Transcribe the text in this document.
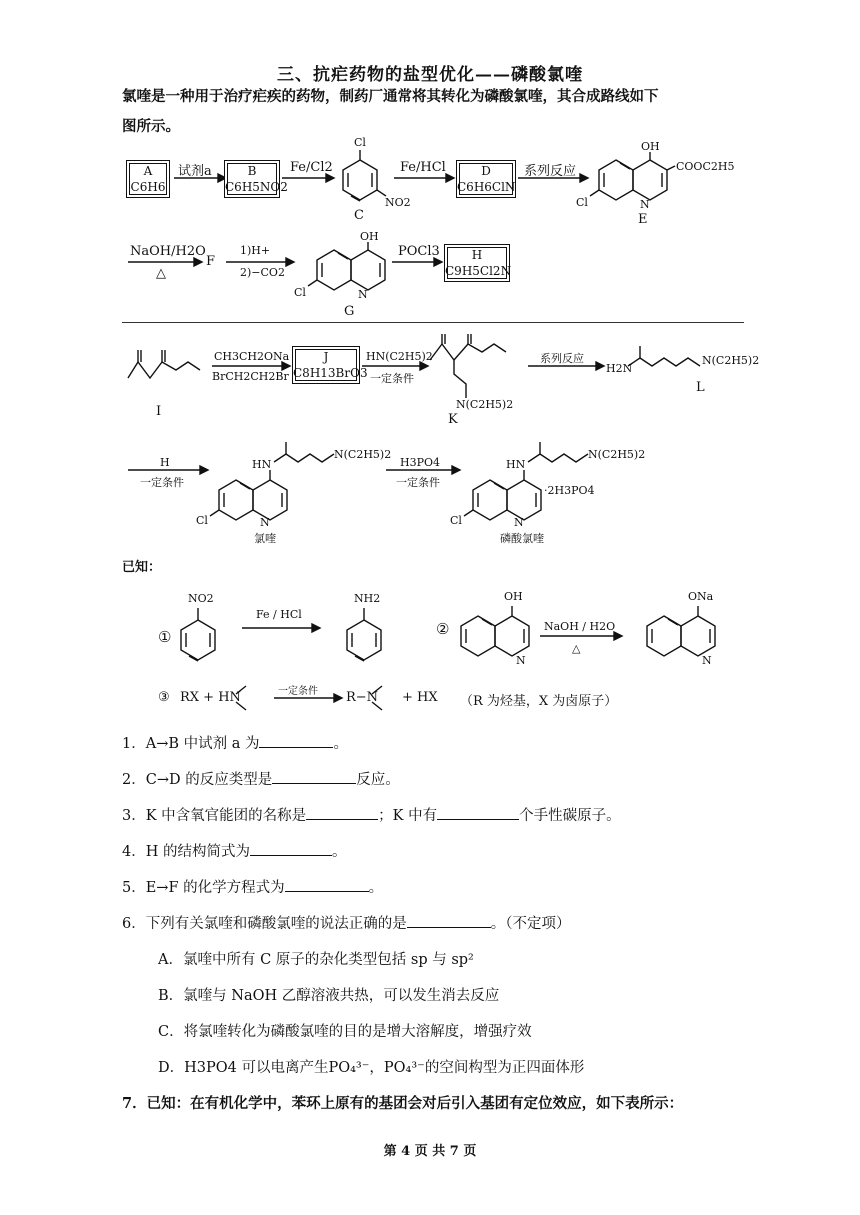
三、抗疟药物的盐型优化——磷酸氯喹
氯喹是一种用于治疗疟疾的药物，制药厂通常将其转化为磷酸氯喹，其合成路线如下
图所示。
A
C6H6
试剂a	B
C6H5NO2
Fe/Cl2
Cl
NO2
C
Fe/HCl	D
C6H6ClN
系列反应
OH
COOC2H5
Cl	N
E
NaOH/H2O
△
F
1)H+
2)−CO2
OH
Cl	N
G
POCl3	H
C9H5Cl2N
I
CH3CH2ONa
BrCH2CH2Br
J
C8H13BrO3
HN(C2H5)2
一定条件
N(C2H5)2
K
系列反应
H2N
N(C2H5)2
L
H
一定条件
HN
N(C2H5)2
Cl	N
氯喹
H3PO4
一定条件
HN
N(C2H5)2
·2H3PO4
Cl	N
磷酸氯喹
已知：
①
NO2
Fe / HCl
NH2
②
OH
N
NaOH / H2O
△
ONa
N
③ RX + HN	一定条件 R−N + HX （R 为烃基，X 为卤原子）
1．A→B 中试剂 a 为	。
2．C→D 的反应类型是	反应。
3．K 中含氧官能团的名称是	；K 中有	个手性碳原子。
4．H 的结构简式为	。
5．E→F 的化学方程式为	。
6．下列有关氯喹和磷酸氯喹的说法正确的是	。（不定项）
A．氯喹中所有 C 原子的杂化类型包括 sp 与 sp²
B．氯喹与 NaOH 乙醇溶液共热，可以发生消去反应
C．将氯喹转化为磷酸氯喹的目的是增大溶解度，增强疗效
D．H3PO4 可以电离产生PO₄³⁻，PO₄³⁻的空间构型为正四面体形
7．已知：在有机化学中，苯环上原有的基团会对后引入基团有定位效应，如下表所示：
第 4 页 共 7 页
